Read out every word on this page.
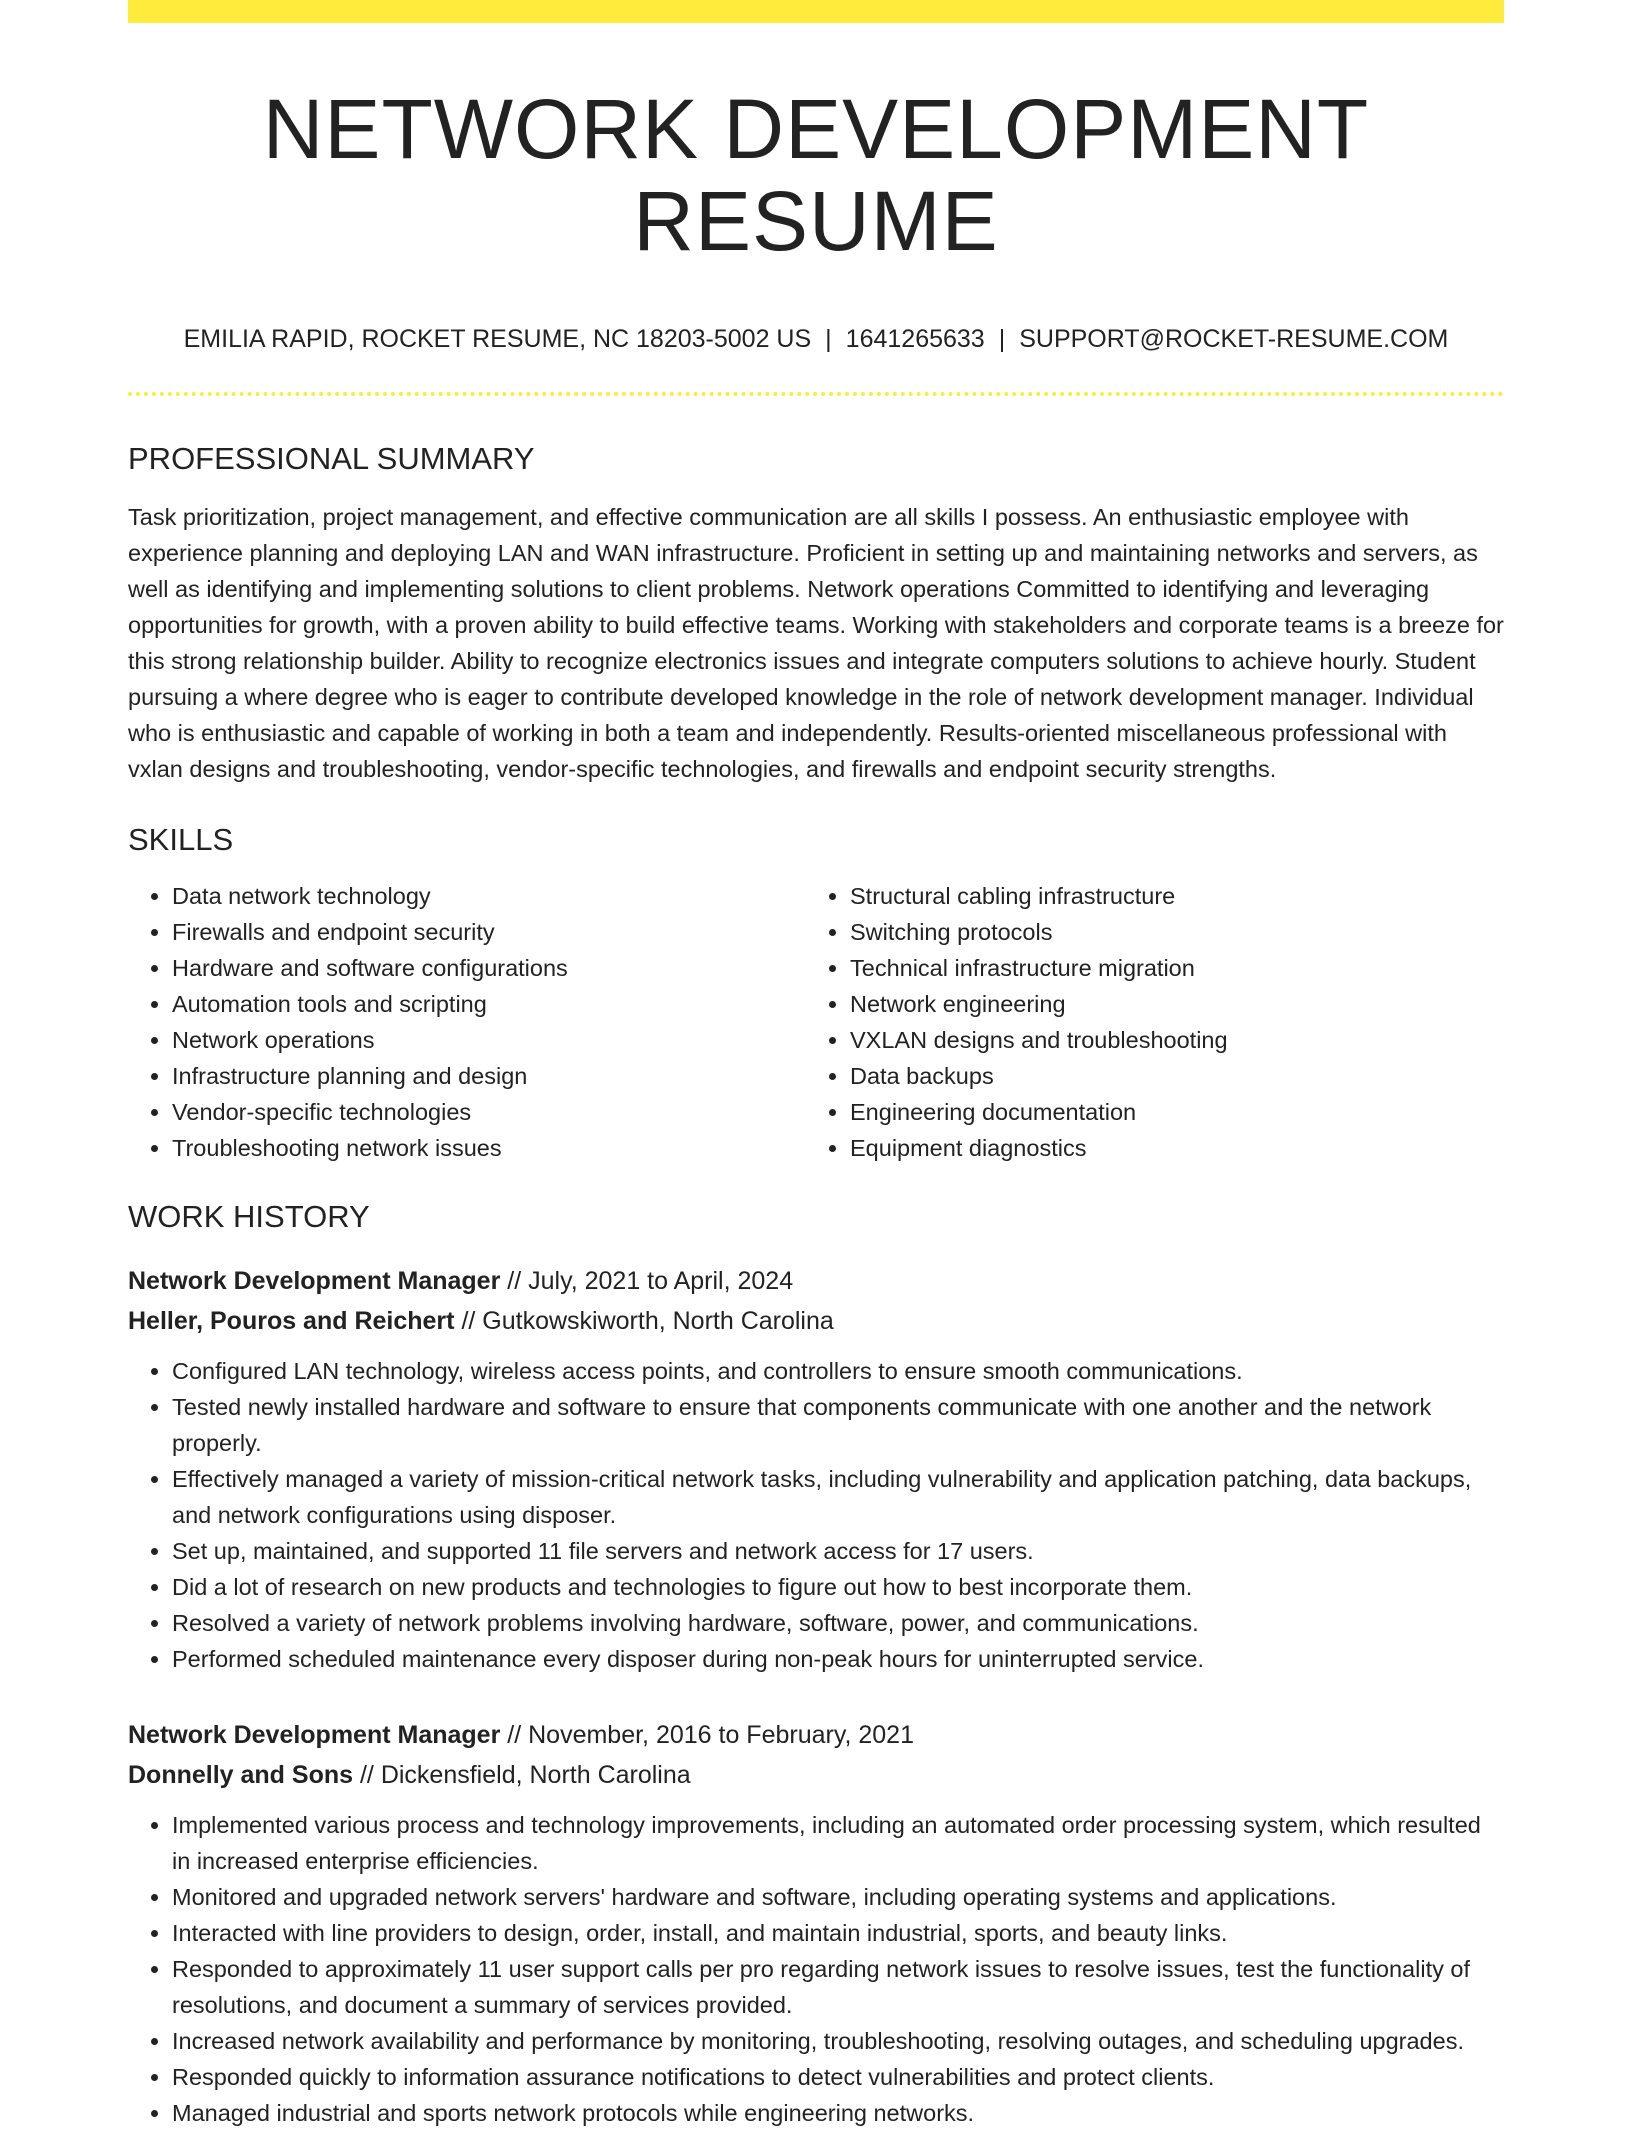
NETWORK DEVELOPMENT RESUME
EMILIA RAPID, ROCKET RESUME, NC 18203-5002 US | 1641265633 | SUPPORT@ROCKET-RESUME.COM
PROFESSIONAL SUMMARY

Task prioritization, project management, and effective communication are all skills I possess. An enthusiastic employee with experience planning and deploying LAN and WAN infrastructure. Proficient in setting up and maintaining networks and servers, as well as identifying and implementing solutions to client problems. Network operations Committed to identifying and leveraging opportunities for growth, with a proven ability to build effective teams. Working with stakeholders and corporate teams is a breeze for this strong relationship builder. Ability to recognize electronics issues and integrate computers solutions to achieve hourly. Student pursuing a where degree who is eager to contribute developed knowledge in the role of network development manager. Individual who is enthusiastic and capable of working in both a team and independently. Results-oriented miscellaneous professional with vxlan designs and troubleshooting, vendor-specific technologies, and firewalls and endpoint security strengths.

SKILLS
• Data network technology
• Firewalls and endpoint security
• Hardware and software configurations
• Automation tools and scripting
• Network operations
• Infrastructure planning and design
• Vendor-specific technologies
• Troubleshooting network issues
• Structural cabling infrastructure
• Switching protocols
• Technical infrastructure migration
• Network engineering
• VXLAN designs and troubleshooting
• Data backups
• Engineering documentation
• Equipment diagnostics
WORK HISTORY
Network Development Manager // July, 2021 to April, 2024
Heller, Pouros and Reichert // Gutkowskiworth, North Carolina
• Configured LAN technology, wireless access points, and controllers to ensure smooth communications.
• Tested newly installed hardware and software to ensure that components communicate with one another and the network properly.
• Effectively managed a variety of mission-critical network tasks, including vulnerability and application patching, data backups, and network configurations using disposer.
• Set up, maintained, and supported 11 file servers and network access for 17 users.
• Did a lot of research on new products and technologies to figure out how to best incorporate them.
• Resolved a variety of network problems involving hardware, software, power, and communications.
• Performed scheduled maintenance every disposer during non-peak hours for uninterrupted service.
Network Development Manager // November, 2016 to February, 2021
Donnelly and Sons // Dickensfield, North Carolina
• Implemented various process and technology improvements, including an automated order processing system, which resulted in increased enterprise efficiencies.
• Monitored and upgraded network servers' hardware and software, including operating systems and applications.
• Interacted with line providers to design, order, install, and maintain industrial, sports, and beauty links.
• Responded to approximately 11 user support calls per pro regarding network issues to resolve issues, test the functionality of resolutions, and document a summary of services provided.
• Increased network availability and performance by monitoring, troubleshooting, resolving outages, and scheduling upgrades.
• Responded quickly to information assurance notifications to detect vulnerabilities and protect clients.
• Managed industrial and sports network protocols while engineering networks.
